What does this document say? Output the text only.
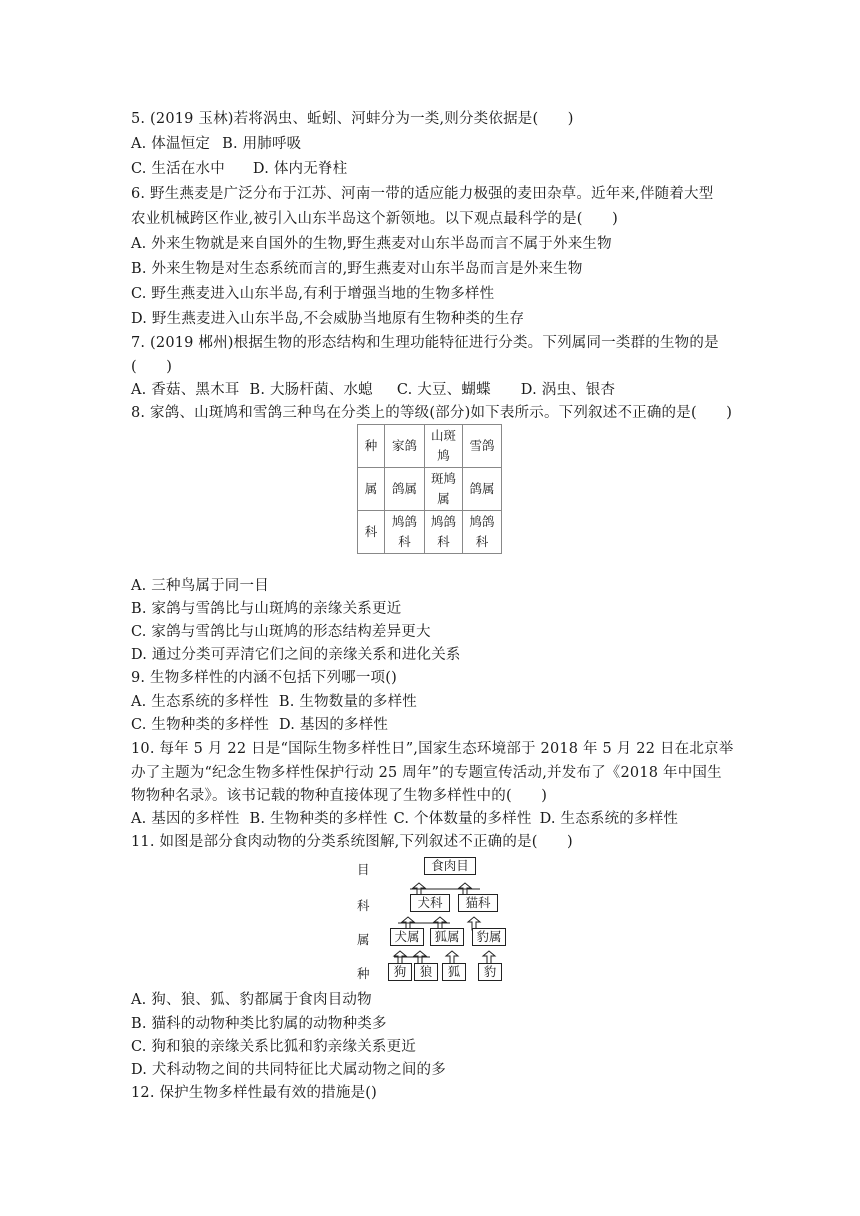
5. (2019 玉林)若将涡虫、蚯蚓、河蚌分为一类,则分类依据是(　　)
A. 体温恒定 B. 用肺呼吸
C. 生活在水中 D. 体内无脊柱
6. 野生燕麦是广泛分布于江苏、河南一带的适应能力极强的麦田杂草。近年来,伴随着大型
农业机械跨区作业,被引入山东半岛这个新领地。以下观点最科学的是(　　)
A. 外来生物就是来自国外的生物,野生燕麦对山东半岛而言不属于外来生物
B. 外来生物是对生态系统而言的,野生燕麦对山东半岛而言是外来生物
C. 野生燕麦进入山东半岛,有利于增强当地的生物多样性
D. 野生燕麦进入山东半岛,不会威胁当地原有生物种类的生存
7. (2019 郴州)根据生物的形态结构和生理功能特征进行分类。下列属同一类群的生物的是
(　　)
A. 香菇、黑木耳 B. 大肠杆菌、水螅 C. 大豆、蝴蝶 D. 涡虫、银杏
8. 家鸽、山斑鸠和雪鸽三种鸟在分类上的等级(部分)如下表所示。下列叙述不正确的是(　　)
种	家鸽	山斑鸠	雪鸽
属	鸽属	斑鸠属	鸽属
科	鸠鸽科	鸠鸽科	鸠鸽科
A. 三种鸟属于同一目
B. 家鸽与雪鸽比与山斑鸠的亲缘关系更近
C. 家鸽与雪鸽比与山斑鸠的形态结构差异更大
D. 通过分类可弄清它们之间的亲缘关系和进化关系
9. 生物多样性的内涵不包括下列哪一项()
A. 生态系统的多样性 B. 生物数量的多样性
C. 生物种类的多样性 D. 基因的多样性
10. 每年 5 月 22 日是“国际生物多样性日”,国家生态环境部于 2018 年 5 月 22 日在北京举
办了主题为“纪念生物多样性保护行动 25 周年”的专题宣传活动,并发布了《2018 年中国生
物物种名录》。该书记载的物种直接体现了生物多样性中的(　　)
A. 基因的多样性 B. 生物种类的多样性 C. 个体数量的多样性 D. 生态系统的多样性
11. 如图是部分食肉动物的分类系统图解,下列叙述不正确的是(　　)
目
科
属
种
食肉目
犬科	猫科
犬属	狐属	豹属
狗	狼	狐	豹
A. 狗、狼、狐、豹都属于食肉目动物
B. 猫科的动物种类比豹属的动物种类多
C. 狗和狼的亲缘关系比狐和豹亲缘关系更近
D. 犬科动物之间的共同特征比犬属动物之间的多
12. 保护生物多样性最有效的措施是()
